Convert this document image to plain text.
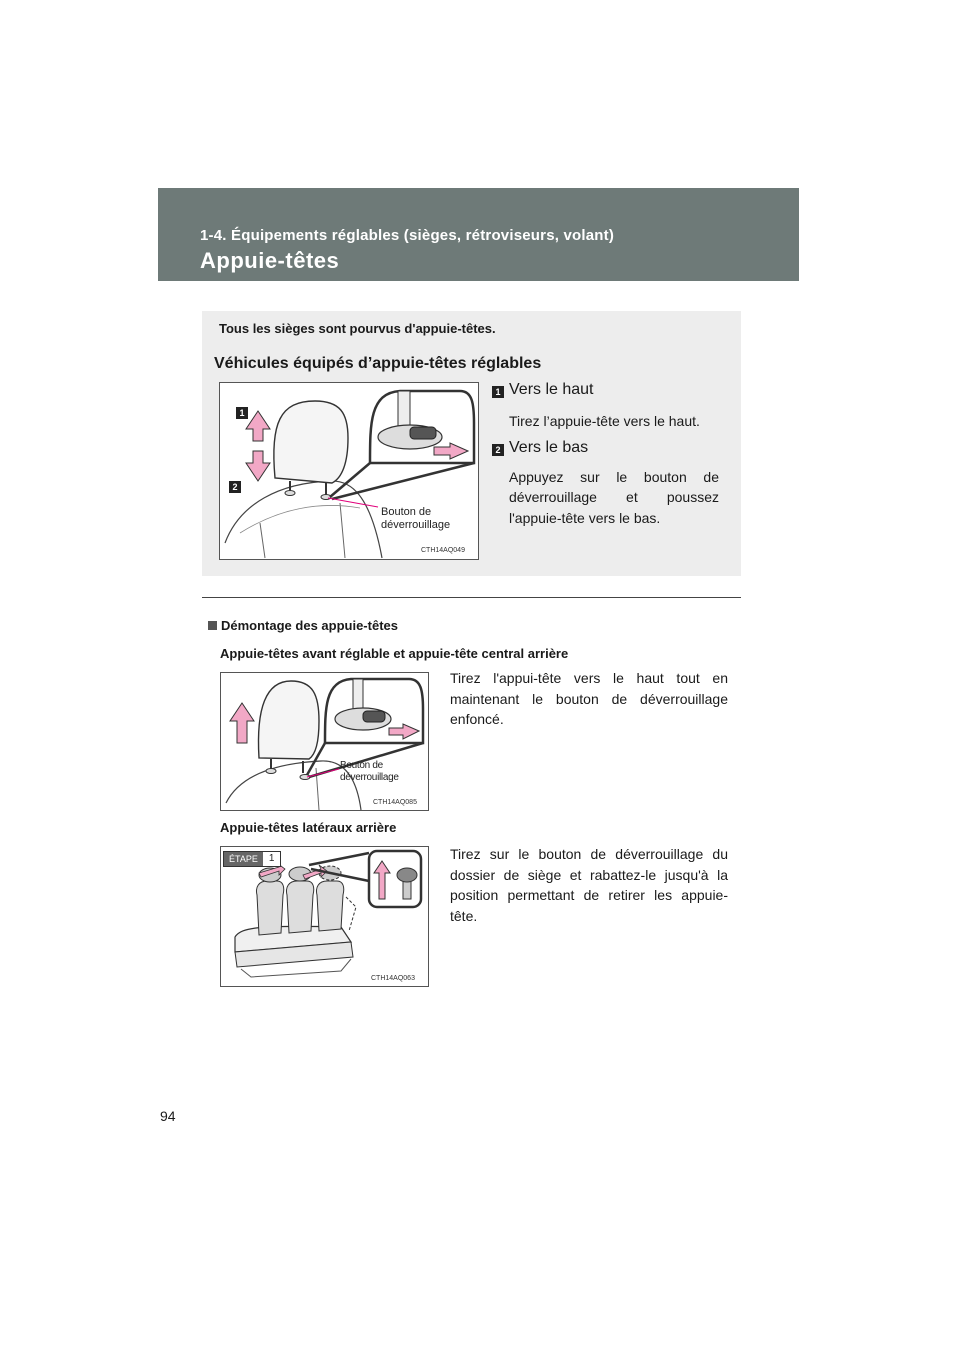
1-4. Équipements réglables (sièges, rétroviseurs, volant)
Appuie-têtes
Tous les sièges sont pourvus d'appuie-têtes.
Véhicules équipés d’appuie-têtes réglables
1
2
Bouton de
déverrouillage
CTH14AQ049
1 Vers le haut
Tirez l’appuie-tête vers le haut.
2 Vers le bas
Appuyez sur le bouton de déverrouillage et poussez l'appuie-tête vers le bas.
Démontage des appuie-têtes
Appuie-têtes avant réglable et appuie-tête central arrière
Bouton de
déverrouillage
CTH14AQ085
Tirez l'appui-tête vers le haut tout en maintenant le bouton de déverrouillage enfoncé.
Appuie-têtes latéraux arrière
ÉTAPE	1
CTH14AQ063
Tirez sur le bouton de déverrouillage du dossier de siège et rabattez-le jusqu'à la position permettant de retirer les appuie-tête.
94
